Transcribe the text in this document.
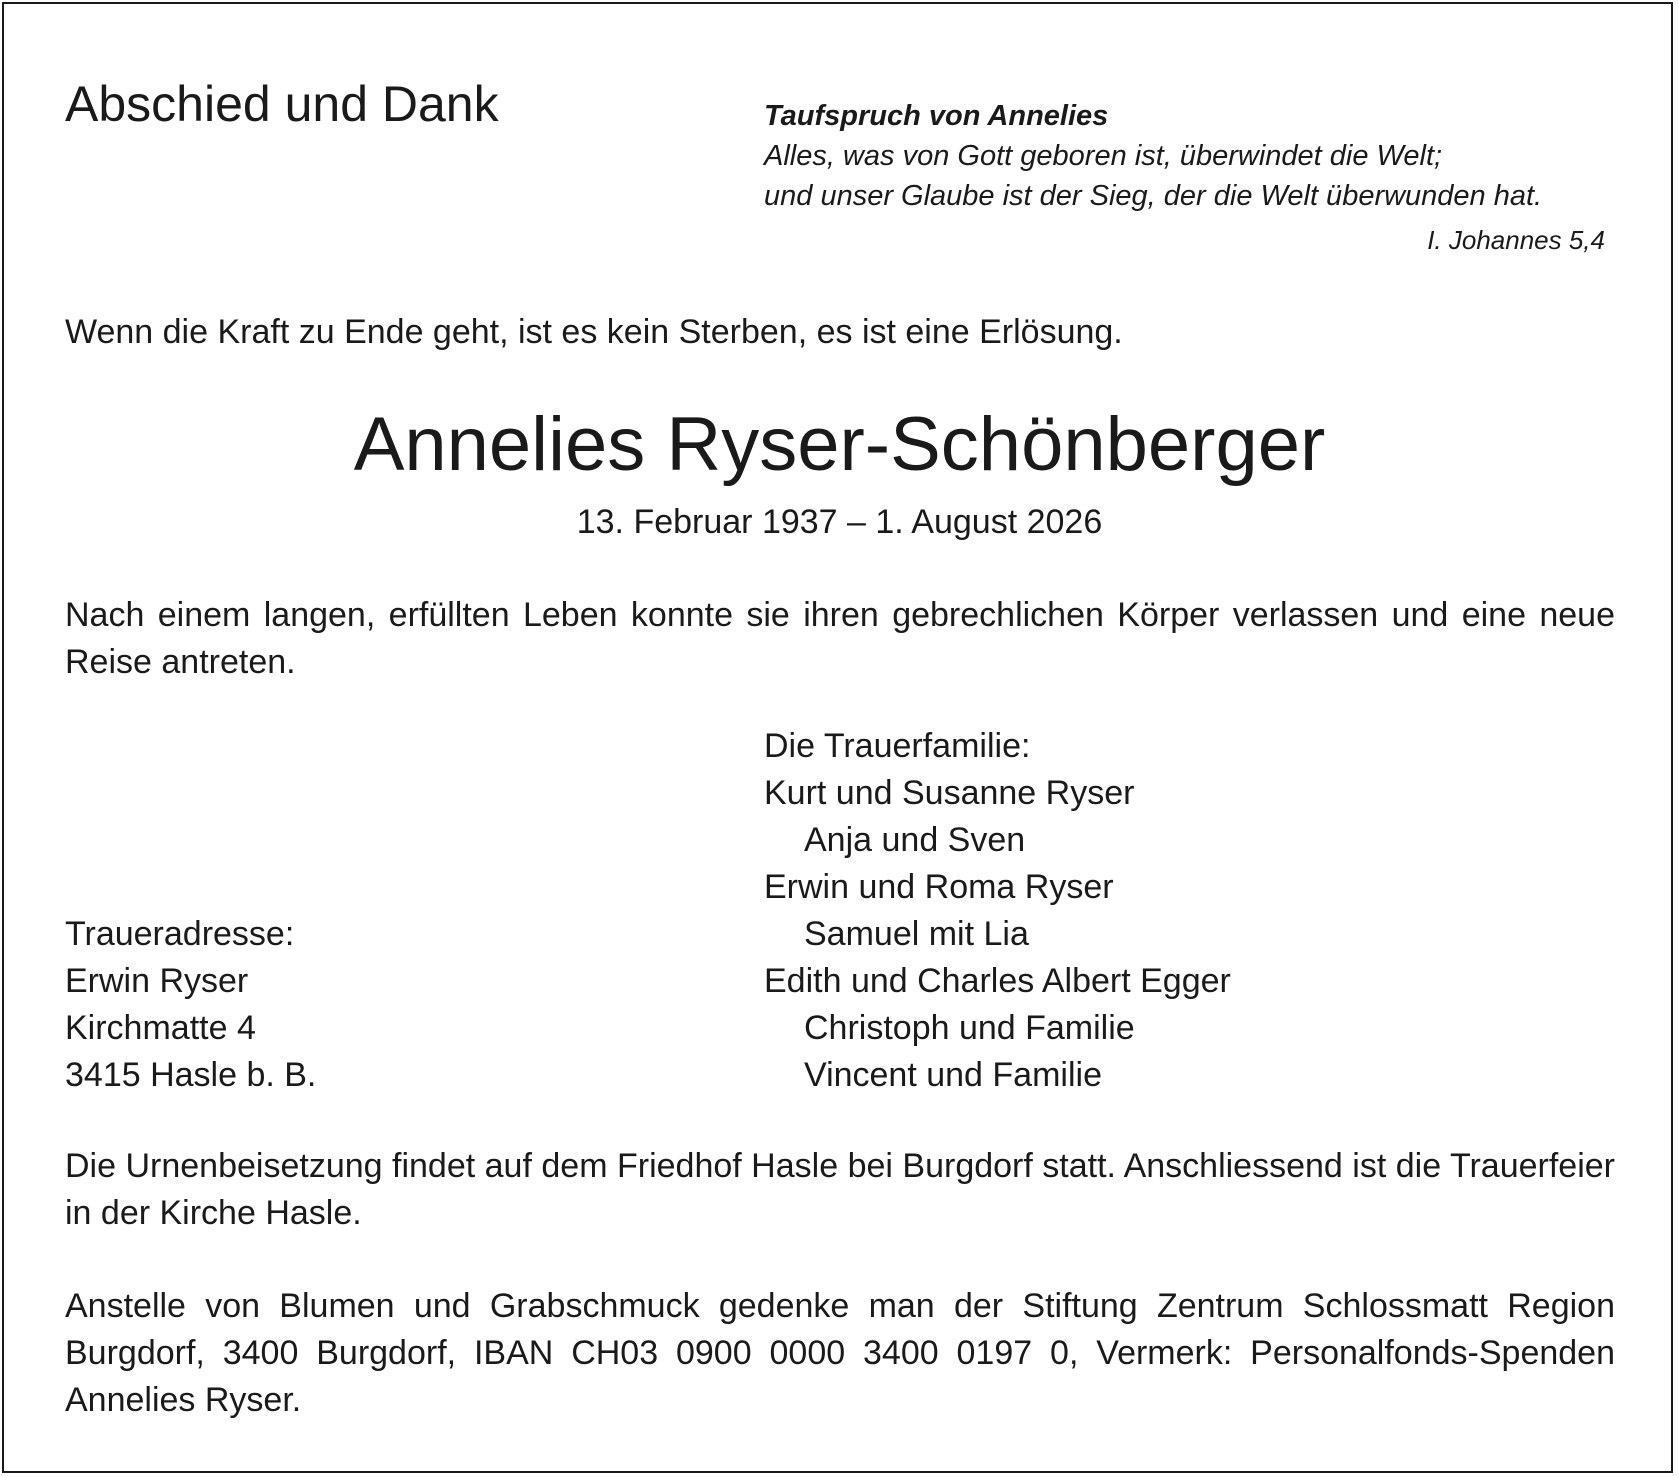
Abschied und Dank	Taufspruch von Annelies
Alles, was von Gott geboren ist, überwindet die Welt;
und unser Glaube ist der Sieg, der die Welt überwunden hat.
I. Johannes 5,4
Wenn die Kraft zu Ende geht, ist es kein Sterben, es ist eine Erlösung.
Annelies Ryser-Schönberger
13. Februar 1937 – 1. August 2026
Nach einem langen, erfüllten Leben konnte sie ihren gebrechlichen Körper verlassen und eine neue Reise antreten.
Die Trauerfamilie:
Kurt und Susanne Ryser
Anja und Sven
Erwin und Roma Ryser
Samuel mit Lia
Edith und Charles Albert Egger
Christoph und Familie
Vincent und Familie
Traueradresse:
Erwin Ryser
Kirchmatte 4
3415 Hasle b. B.
Die Urnenbeisetzung findet auf dem Friedhof Hasle bei Burgdorf statt. Anschliessend ist die Trauerfeier in der Kirche Hasle.
Anstelle von Blumen und Grabschmuck gedenke man der Stiftung Zentrum Schlossmatt Region Burgdorf, 3400 Burgdorf, IBAN CH03 0900 0000 3400 0197 0, Vermerk: Personalfonds-Spenden Annelies Ryser.
